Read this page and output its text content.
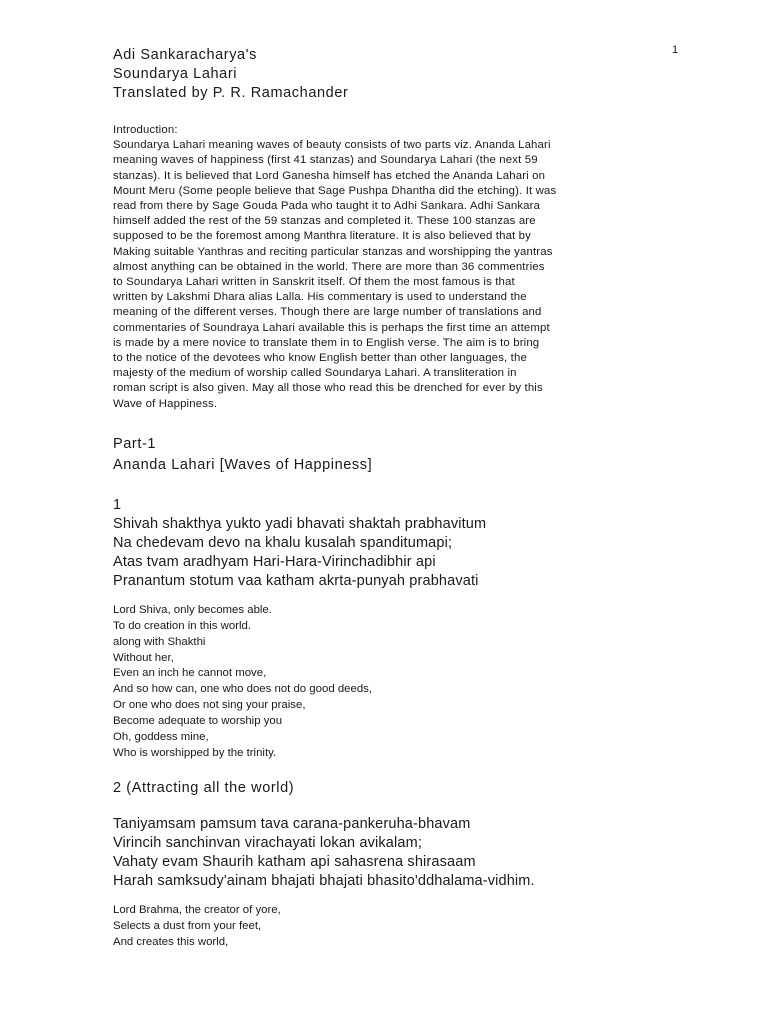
1
Adi Sankaracharya's
Soundarya Lahari
Translated by P. R. Ramachander
Introduction:
Soundarya Lahari meaning waves of beauty consists of two parts viz. Ananda Lahari
meaning waves of happiness (first 41 stanzas) and Soundarya Lahari (the next 59
stanzas). It is believed that Lord Ganesha himself has etched the Ananda Lahari on
Mount Meru (Some people believe that Sage Pushpa Dhantha did the etching). It was
read from there by Sage Gouda Pada who taught it to Adhi Sankara. Adhi Sankara
himself added the rest of the 59 stanzas and completed it. These 100 stanzas are
supposed to be the foremost among Manthra literature. It is also believed that by
Making suitable Yanthras and reciting particular stanzas and worshipping the yantras
almost anything can be obtained in the world. There are more than 36 commentries
to Soundarya Lahari written in Sanskrit itself. Of them the most famous is that
written by Lakshmi Dhara alias Lalla. His commentary is used to understand the
meaning of the different verses. Though there are large number of translations and
commentaries of Soundraya Lahari available this is perhaps the first time an attempt
is made by a mere novice to translate them in to English verse. The aim is to bring
to the notice of the devotees who know English better than other languages, the
majesty of the medium of worship called Soundarya Lahari. A transliteration in
roman script is also given. May all those who read this be drenched for ever by this
Wave of Happiness.
Part-1
Ananda Lahari [Waves of Happiness]
1
Shivah shakthya yukto yadi bhavati shaktah prabhavitum
Na chedevam devo na khalu kusalah spanditumapi;
Atas tvam aradhyam Hari-Hara-Virinchadibhir api
Pranantum stotum vaa katham akrta-punyah prabhavati
Lord Shiva, only becomes able.
To do creation in this world.
along with Shakthi
Without her,
Even an inch he cannot move,
And so how can, one who does not do good deeds,
Or one who does not sing your praise,
Become adequate to worship you
Oh, goddess mine,
Who is worshipped by the trinity.
2 (Attracting all the world)
Taniyamsam pamsum tava carana-pankeruha-bhavam
Virincih sanchinvan virachayati lokan avikalam;
Vahaty evam Shaurih katham api sahasrena shirasaam
Harah samksudy'ainam bhajati bhajati bhasito'ddhalama-vidhim.
Lord Brahma, the creator of yore,
Selects a dust from your feet,
And creates this world,
